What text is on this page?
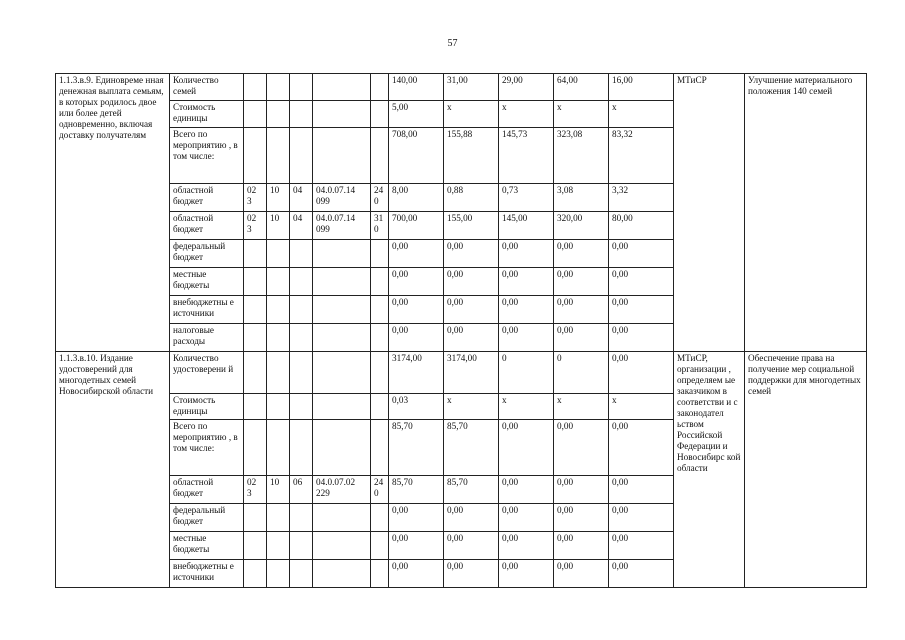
57
1.1.3.в.9. Единовреме нная денежная выплата семьям, в которых родилось двое или более детей одновременно, включая доставку получателям	Количество семей						140,00	31,00	29,00	64,00	16,00	МТиСР	Улучшение материального положения 140 семей
	Стоимость единицы						5,00	x	x	x	x		
	Всего по мероприятию , в том числе:						708,00	155,88	145,73	323,08	83,32		
	областной бюджет	02 3	10	04	04.0.07.14 099	24 0	8,00	0,88	0,73	3,08	3,32		
	областной бюджет	02 3	10	04	04.0.07.14 099	31 0	700,00	155,00	145,00	320,00	80,00		
	федеральный бюджет						0,00	0,00	0,00	0,00	0,00		
	местные бюджеты						0,00	0,00	0,00	0,00	0,00		
	внебюджетны е источники						0,00	0,00	0,00	0,00	0,00		
	налоговые расходы						0,00	0,00	0,00	0,00	0,00		
1.1.3.в.10. Издание удостоверений для многодетных семей Новосибирской области	Количество удостоверени й						3174,00	3174,00	0	0	0,00	МТиСР, организации , определяем ые заказчиком в соответстви и с законодател ьством Российской Федерации и Новосибирс кой области	Обеспечение права на получение мер социальной поддержки для многодетных семей
	Стоимость единицы						0,03	x	x	x	x		
	Всего по мероприятию , в том числе:						85,70	85,70	0,00	0,00	0,00		
	областной бюджет	02 3	10	06	04.0.07.02 229	24 0	85,70	85,70	0,00	0,00	0,00		
	федеральный бюджет						0,00	0,00	0,00	0,00	0,00		
	местные бюджеты						0,00	0,00	0,00	0,00	0,00		
	внебюджетны е источники						0,00	0,00	0,00	0,00	0,00		
